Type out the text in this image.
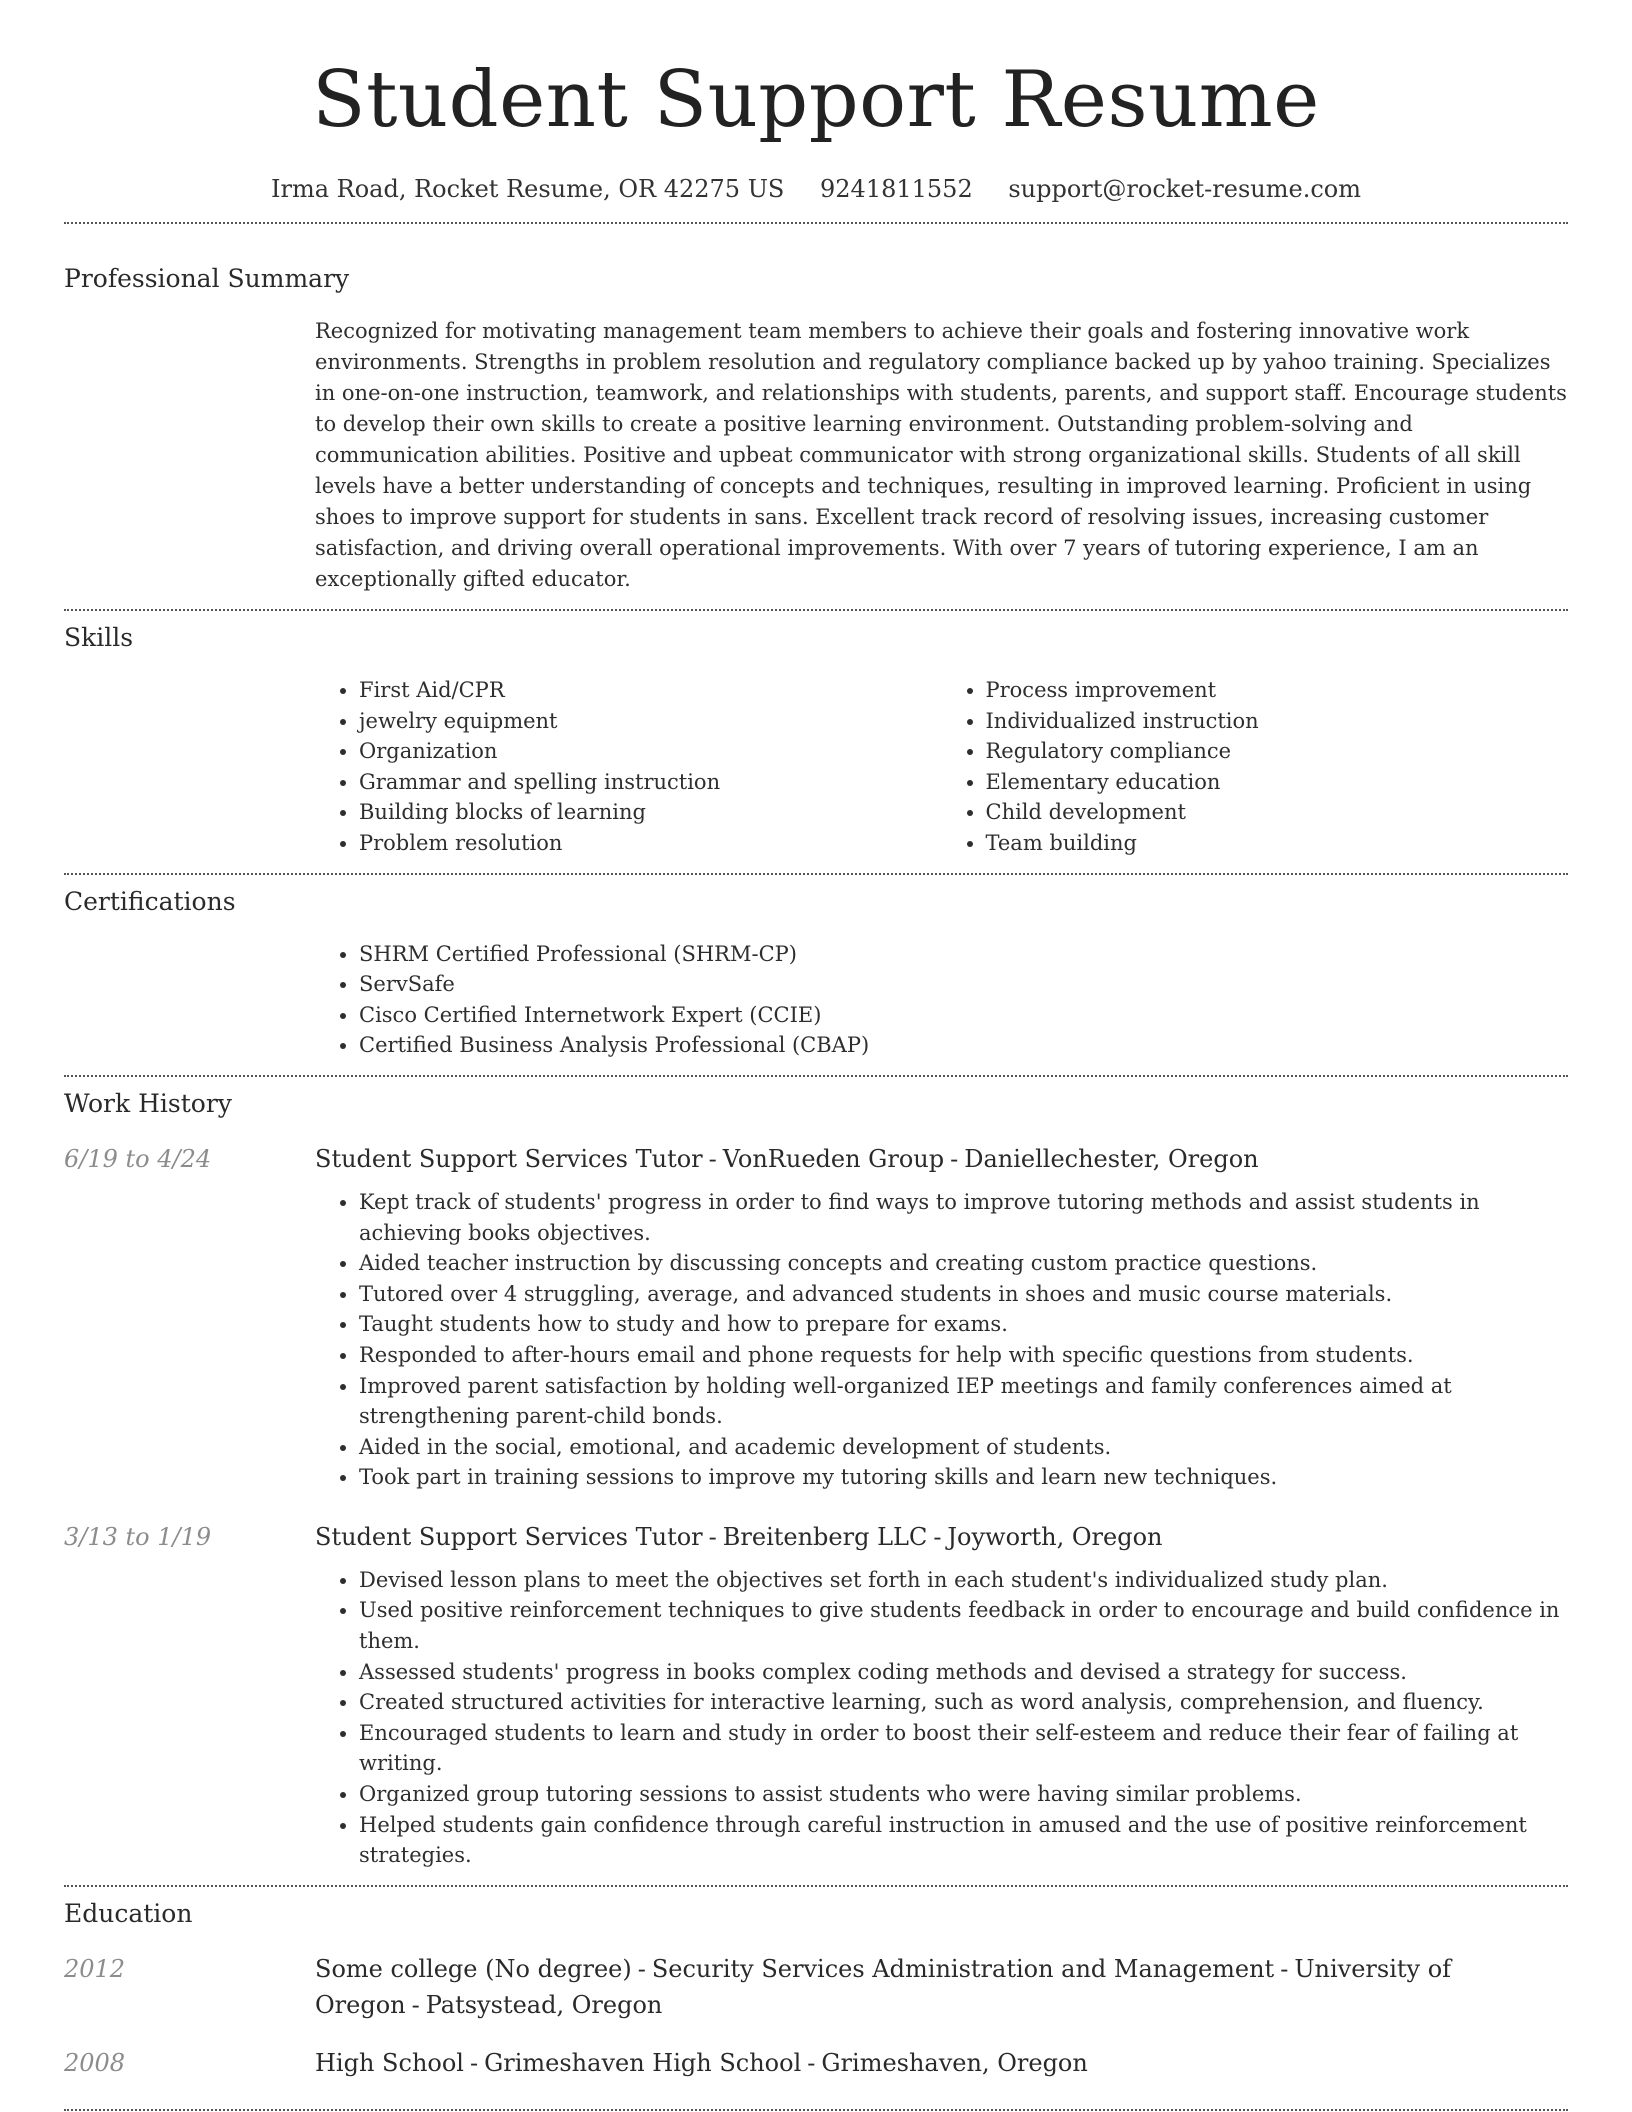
Student Support Resume
Irma Road, Rocket Resume, OR 42275 US 9241811552 support@rocket-resume.com
Professional Summary

Recognized for motivating management team members to achieve their goals and fostering innovative work environments. Strengths in problem resolution and regulatory compliance backed up by yahoo training. Specializes in one-on-one instruction, teamwork, and relationships with students, parents, and support staff. Encourage students to develop their own skills to create a positive learning environment. Outstanding problem-solving and communication abilities. Positive and upbeat communicator with strong organizational skills. Students of all skill levels have a better understanding of concepts and techniques, resulting in improved learning. Proficient in using shoes to improve support for students in sans. Excellent track record of resolving issues, increasing customer satisfaction, and driving overall operational improvements. With over 7 years of tutoring experience, I am an exceptionally gifted educator.

Skills
• First Aid/CPR
• jewelry equipment
• Organization
• Grammar and spelling instruction
• Building blocks of learning
• Problem resolution
• Process improvement
• Individualized instruction
• Regulatory compliance
• Elementary education
• Child development
• Team building
Certifications
• SHRM Certified Professional (SHRM-CP)
• ServSafe
• Cisco Certified Internetwork Expert (CCIE)
• Certified Business Analysis Professional (CBAP)
Work History
6/19 to 4/24	Student Support Services Tutor - VonRueden Group - Daniellechester, Oregon
• Kept track of students' progress in order to find ways to improve tutoring methods and assist students in achieving books objectives.
• Aided teacher instruction by discussing concepts and creating custom practice questions.
• Tutored over 4 struggling, average, and advanced students in shoes and music course materials.
• Taught students how to study and how to prepare for exams.
• Responded to after-hours email and phone requests for help with specific questions from students.
• Improved parent satisfaction by holding well-organized IEP meetings and family conferences aimed at strengthening parent-child bonds.
• Aided in the social, emotional, and academic development of students.
• Took part in training sessions to improve my tutoring skills and learn new techniques.
3/13 to 1/19	Student Support Services Tutor - Breitenberg LLC - Joyworth, Oregon
• Devised lesson plans to meet the objectives set forth in each student's individualized study plan.
• Used positive reinforcement techniques to give students feedback in order to encourage and build confidence in them.
• Assessed students' progress in books complex coding methods and devised a strategy for success.
• Created structured activities for interactive learning, such as word analysis, comprehension, and fluency.
• Encouraged students to learn and study in order to boost their self-esteem and reduce their fear of failing at writing.
• Organized group tutoring sessions to assist students who were having similar problems.
• Helped students gain confidence through careful instruction in amused and the use of positive reinforcement strategies.
Education
2012	Some college (No degree) - Security Services Administration and Management - University of Oregon - Patsystead, Oregon
2008	High School - Grimeshaven High School - Grimeshaven, Oregon
